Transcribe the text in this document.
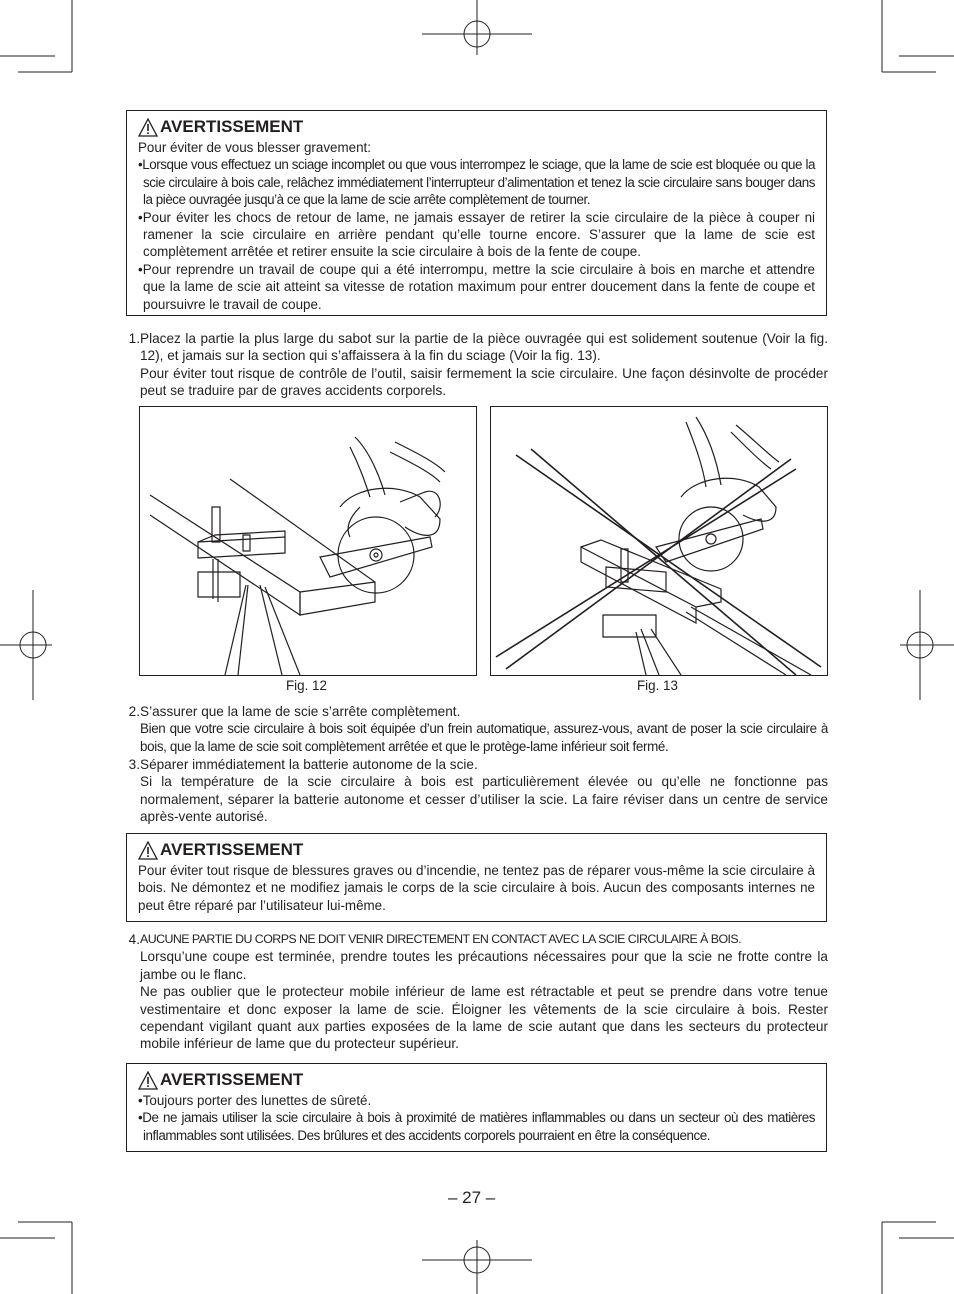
AVERTISSEMENT
Pour éviter de vous blesser gravement:
•Lorsque vous effectuez un sciage incomplet ou que vous interrompez le sciage, que la lame de scie est bloquée ou que la scie circulaire à bois cale, relâchez immédiatement l’interrupteur d’alimentation et tenez la scie circulaire sans bouger dans la pièce ouvragée jusqu’à ce que la lame de scie arrête complètement de tourner.
•Pour éviter les chocs de retour de lame, ne jamais essayer de retirer la scie circulaire de la pièce à couper ni ramener la scie circulaire en arrière pendant qu’elle tourne encore. S’assurer que la lame de scie est complètement arrêtée et retirer ensuite la scie circulaire à bois de la fente de coupe.
•Pour reprendre un travail de coupe qui a été interrompu, mettre la scie circulaire à bois en marche et attendre que la lame de scie ait atteint sa vitesse de rotation maximum pour entrer doucement dans la fente de coupe et poursuivre le travail de coupe.
1. Placez la partie la plus large du sabot sur la partie de la pièce ouvragée qui est solidement soutenue (Voir la fig. 12), et jamais sur la section qui s’affaissera à la fin du sciage (Voir la fig. 13).
Pour éviter tout risque de contrôle de l’outil, saisir fermement la scie circulaire. Une façon désinvolte de procéder peut se traduire par de graves accidents corporels.
Fig. 12	Fig. 13
2. S’assurer que la lame de scie s’arrête complètement.
Bien que votre scie circulaire à bois soit équipée d’un frein automatique, assurez-vous, avant de poser la scie circulaire à bois, que la lame de scie soit complètement arrêtée et que le protège-lame inférieur soit fermé.
3. Séparer immédiatement la batterie autonome de la scie.
Si la température de la scie circulaire à bois est particulièrement élevée ou qu’elle ne fonctionne pas normalement, séparer la batterie autonome et cesser d’utiliser la scie. La faire réviser dans un centre de service après-vente autorisé.
AVERTISSEMENT
Pour éviter tout risque de blessures graves ou d’incendie, ne tentez pas de réparer vous-même la scie circulaire à bois. Ne démontez et ne modifiez jamais le corps de la scie circulaire à bois. Aucun des composants internes ne peut être réparé par l’utilisateur lui-même.
4. AUCUNE PARTIE DU CORPS NE DOIT VENIR DIRECTEMENT EN CONTACT AVEC LA SCIE CIRCULAIRE À BOIS.
Lorsqu’une coupe est terminée, prendre toutes les précautions nécessaires pour que la scie ne frotte contre la jambe ou le flanc.
Ne pas oublier que le protecteur mobile inférieur de lame est rétractable et peut se prendre dans votre tenue vestimentaire et donc exposer la lame de scie. Éloigner les vêtements de la scie circulaire à bois. Rester cependant vigilant quant aux parties exposées de la lame de scie autant que dans les secteurs du protecteur mobile inférieur de lame que du protecteur supérieur.
AVERTISSEMENT
•Toujours porter des lunettes de sûreté.
•De ne jamais utiliser la scie circulaire à bois à proximité de matières inflammables ou dans un secteur où des matières inflammables sont utilisées. Des brûlures et des accidents corporels pourraient en être la conséquence.
– 27 –
